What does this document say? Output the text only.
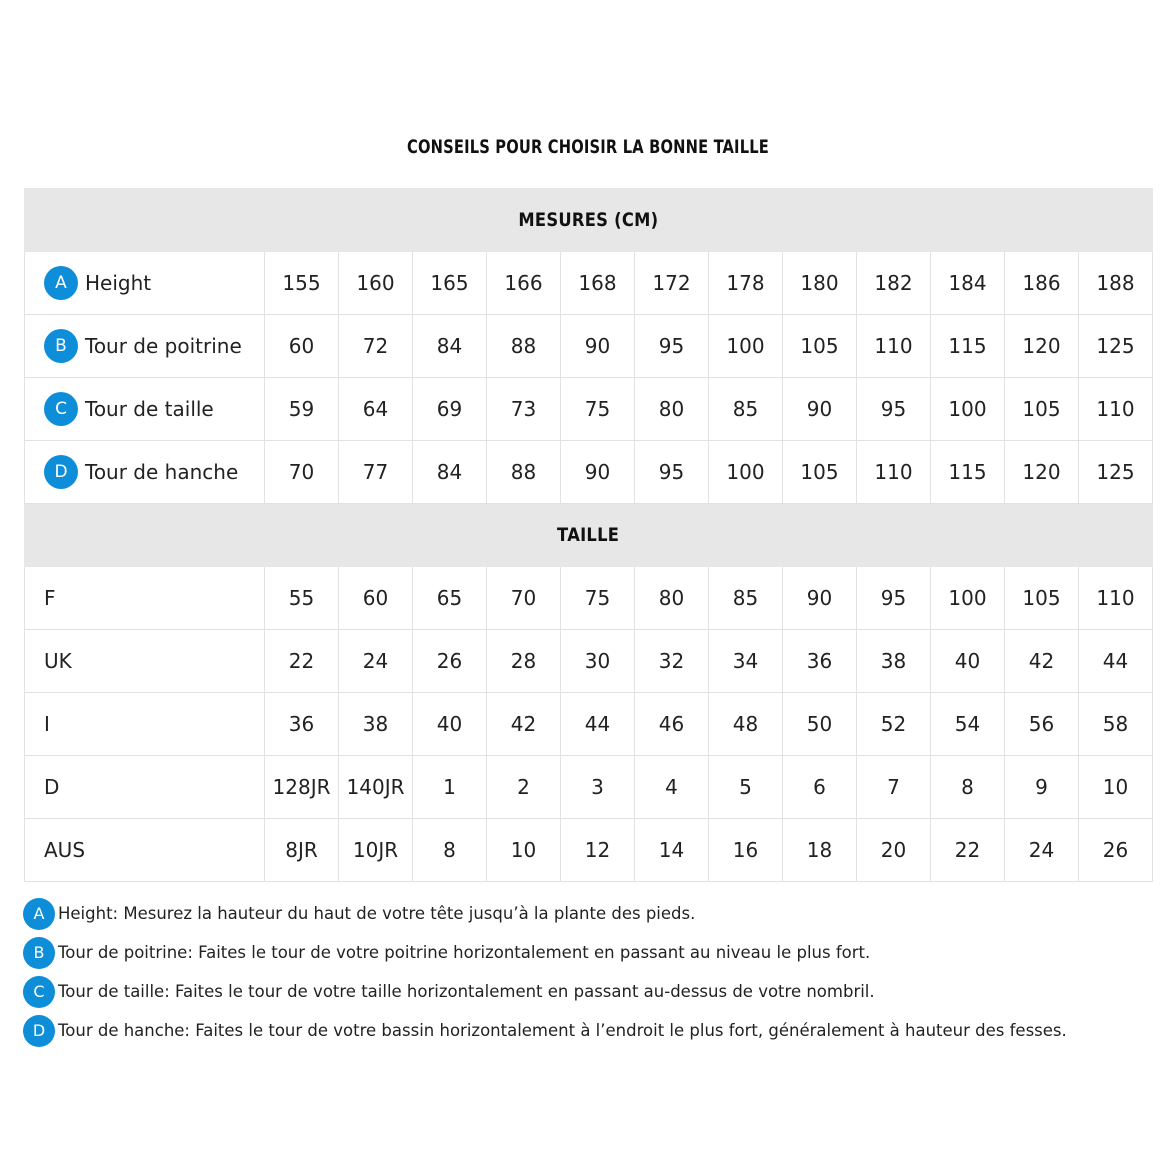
CONSEILS POUR CHOISIR LA BONNE TAILLE
MESURES (CM)												
A Height	155	160	165	166	168	172	178	180	182	184	186	188
B Tour de poitrine	60	72	84	88	90	95	100	105	110	115	120	125
C Tour de taille	59	64	69	73	75	80	85	90	95	100	105	110
D Tour de hanche	70	77	84	88	90	95	100	105	110	115	120	125
TAILLE												
F	55	60	65	70	75	80	85	90	95	100	105	110
UK	22	24	26	28	30	32	34	36	38	40	42	44
I	36	38	40	42	44	46	48	50	52	54	56	58
D	128JR	140JR	1	2	3	4	5	6	7	8	9	10
AUS	8JR	10JR	8	10	12	14	16	18	20	22	24	26
A Height: Mesurez la hauteur du haut de votre tête jusqu’à la plante des pieds.
B Tour de poitrine: Faites le tour de votre poitrine horizontalement en passant au niveau le plus fort.
C Tour de taille: Faites le tour de votre taille horizontalement en passant au-dessus de votre nombril.
D Tour de hanche: Faites le tour de votre bassin horizontalement à l’endroit le plus fort, généralement à hauteur des fesses.
